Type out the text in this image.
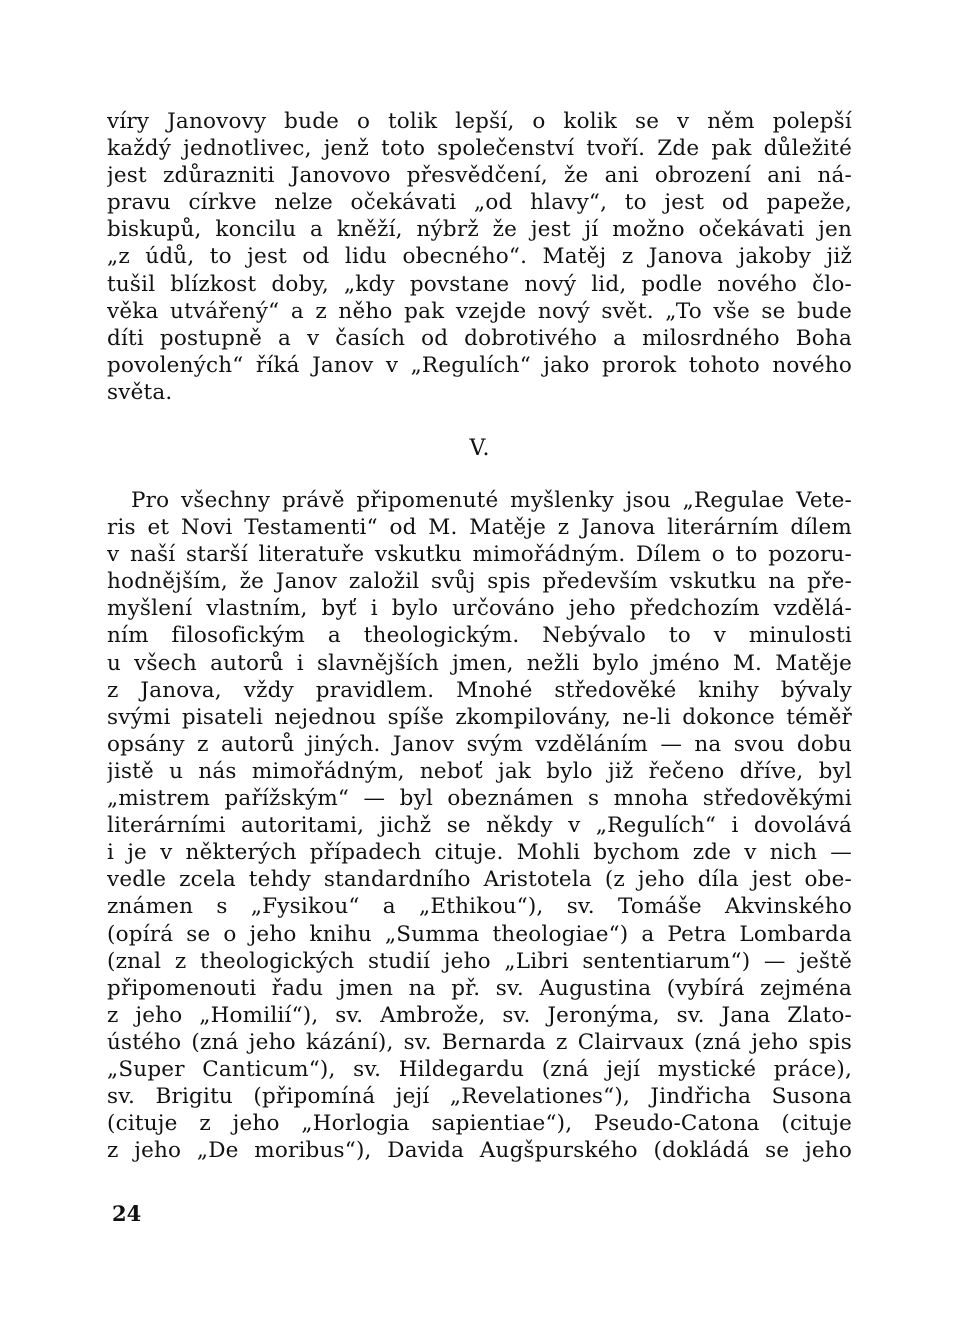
víry Janovovy bude o tolik lepší, o kolik se v něm polepší
každý jednotlivec, jenž toto společenství tvoří. Zde pak důležité
jest zdůrazniti Janovovo přesvědčení, že ani obrození ani ná-
pravu církve nelze očekávati „od hlavy“, to jest od papeže,
biskupů, koncilu a kněží, nýbrž že jest jí možno očekávati jen
„z údů, to jest od lidu obecného“. Matěj z Janova jakoby již
tušil blízkost doby, „kdy povstane nový lid, podle nového člo-
věka utvářený“ a z něho pak vzejde nový svět. „To vše se bude
díti postupně a v časích od dobrotivého a milosrdného Boha
povolených“ říká Janov v „Regulích“ jako prorok tohoto nového
světa.
V.
Pro všechny právě připomenuté myšlenky jsou „Regulae Vete-
ris et Novi Testamenti“ od M. Matěje z Janova literárním dílem
v naší starší literatuře vskutku mimořádným. Dílem o to pozoru-
hodnějším, že Janov založil svůj spis především vskutku na pře-
myšlení vlastním, byť i bylo určováno jeho předchozím vzdělá-
ním filosofickým a theologickým. Nebývalo to v minulosti
u všech autorů i slavnějších jmen, nežli bylo jméno M. Matěje
z Janova, vždy pravidlem. Mnohé středověké knihy bývaly
svými pisateli nejednou spíše zkompilovány, ne-li dokonce téměř
opsány z autorů jiných. Janov svým vzděláním — na svou dobu
jistě u nás mimořádným, neboť jak bylo již řečeno dříve, byl
„mistrem pařížským“ — byl obeznámen s mnoha středověkými
literárními autoritami, jichž se někdy v „Regulích“ i dovolává
i je v některých případech cituje. Mohli bychom zde v nich —
vedle zcela tehdy standardního Aristotela (z jeho díla jest obe-
známen s „Fysikou“ a „Ethikou“), sv. Tomáše Akvinského
(opírá se o jeho knihu „Summa theologiae“) a Petra Lombarda
(znal z theologických studií jeho „Libri sententiarum“) — ještě
připomenouti řadu jmen na př. sv. Augustina (vybírá zejména
z jeho „Homilií“), sv. Ambrože, sv. Jeronýma, sv. Jana Zlato-
ústého (zná jeho kázání), sv. Bernarda z Clairvaux (zná jeho spis
„Super Canticum“), sv. Hildegardu (zná její mystické práce),
sv. Brigitu (připomíná její „Revelationes“), Jindřicha Susona
(cituje z jeho „Horlogia sapientiae“), Pseudo-Catona (cituje
z jeho „De moribus“), Davida Augšpurského (dokládá se jeho
24
